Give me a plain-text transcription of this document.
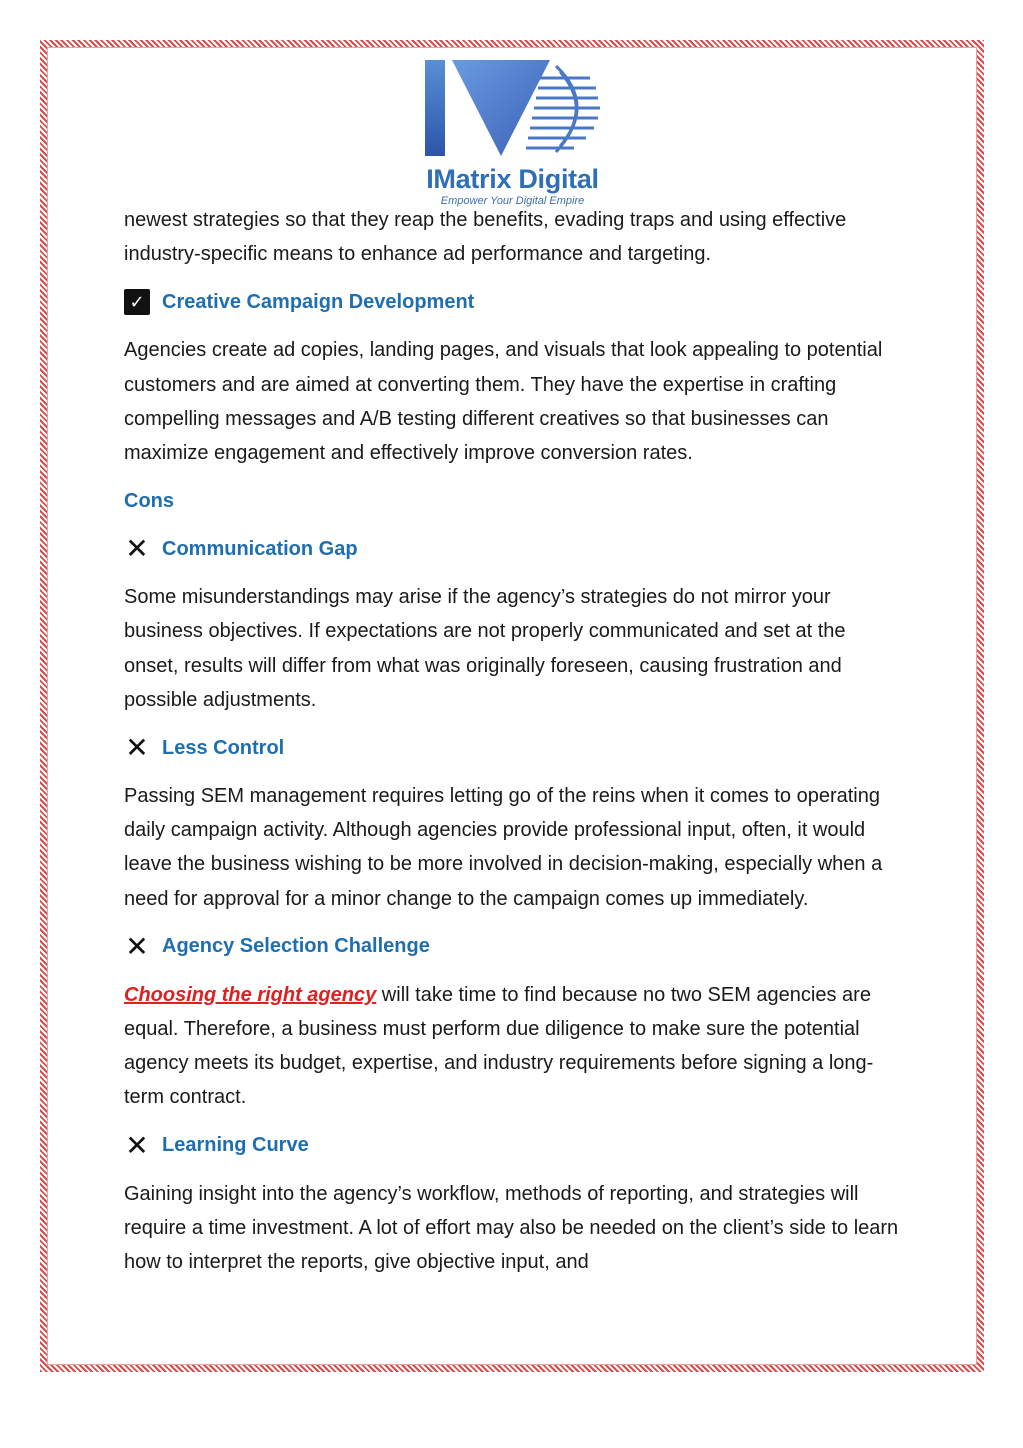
IMatrix Digital
Empower Your Digital Empire

newest strategies so that they reap the benefits, evading traps and using effective industry-specific means to enhance ad performance and targeting.

✓ Creative Campaign Development

Agencies create ad copies, landing pages, and visuals that look appealing to potential customers and are aimed at converting them. They have the expertise in crafting compelling messages and A/B testing different creatives so that businesses can maximize engagement and effectively improve conversion rates.

Cons
✕ Communication Gap

Some misunderstandings may arise if the agency’s strategies do not mirror your business objectives. If expectations are not properly communicated and set at the onset, results will differ from what was originally foreseen, causing frustration and possible adjustments.

✕ Less Control

Passing SEM management requires letting go of the reins when it comes to operating daily campaign activity. Although agencies provide professional input, often, it would leave the business wishing to be more involved in decision-making, especially when a need for approval for a minor change to the campaign comes up immediately.

✕ Agency Selection Challenge

Choosing the right agency will take time to find because no two SEM agencies are equal. Therefore, a business must perform due diligence to make sure the potential agency meets its budget, expertise, and industry requirements before signing a long-term contract.

✕ Learning Curve

Gaining insight into the agency’s workflow, methods of reporting, and strategies will require a time investment. A lot of effort may also be needed on the client’s side to learn how to interpret the reports, give objective input, and
